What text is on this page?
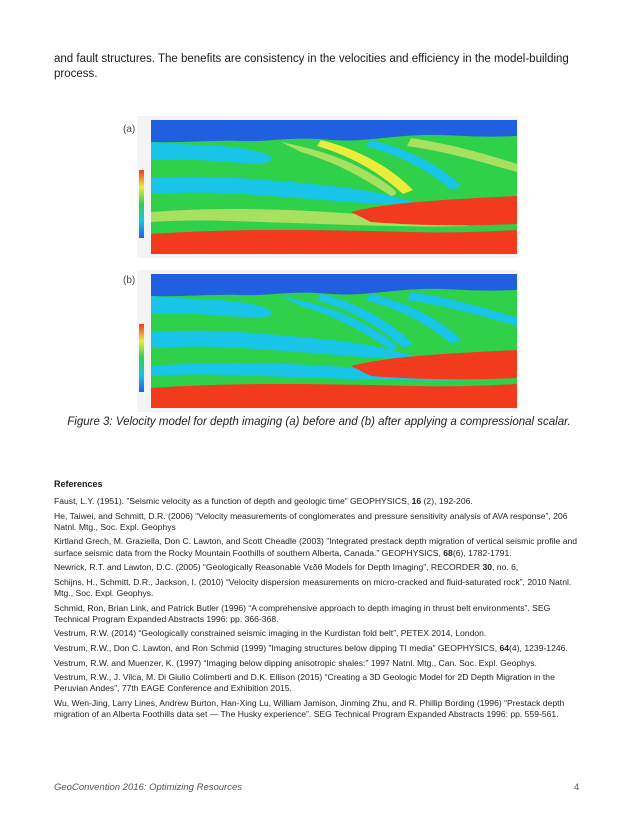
and fault structures. The benefits are consistency in the velocities and efficiency in the model-building process.
(a)
(b)
Figure 3: Velocity model for depth imaging (a) before and (b) after applying a compressional scalar.
References
Faust, L.Y. (1951). ”Seismic velocity as a function of depth and geologic time” GEOPHYSICS, 16 (2), 192-206.
He, Taiwei, and Schmitt, D.R. (2006) “Velocity measurements of conglomerates and pressure sensitivity analysis of AVA response”, 206 Natnl. Mtg., Soc. Expl. Geophys
Kirtland Grech, M. Graziella, Don C. Lawton, and Scott Cheadle (2003) ”Integrated prestack depth migration of vertical seismic profile and surface seismic data from the Rocky Mountain Foothills of southern Alberta, Canada.” GEOPHYSICS, 68(6), 1782-1791.
Newrick, R.T. and Lawton, D.C. (2005) “Geologically Reasonable Vεδθ Models for Depth Imaging”, RECORDER 30, no. 6,
Schijns, H., Schmitt, D.R., Jackson, I. (2010) “Velocity dispersion measurements on micro-cracked and fluid-saturated rock”, 2010 Natnl. Mtg., Soc. Expl. Geophys.
Schmid, Ron, Brian Link, and Patrick Butler (1996) “A comprehensive approach to depth imaging in thrust belt environments”. SEG Technical Program Expanded Abstracts 1996: pp. 366-368.
Vestrum, R.W. (2014) “Geologically constrained seismic imaging in the Kurdistan fold belt”, PETEX 2014, London.
Vestrum, R.W., Don C. Lawton, and Ron Schmid (1999) ”Imaging structures below dipping TI media” GEOPHYSICS, 64(4), 1239-1246.
Vestrum, R.W. and Muenzer, K. (1997) “Imaging below dipping anisotropic shales:” 1997 Natnl. Mtg., Can. Soc. Expl. Geophys.
Vestrum, R.W., J. Vilca, M. Di Giulio Colimberti and D.K. Ellison (2015) “Creating a 3D Geologic Model for 2D Depth Migration in the Peruvian Andes”, 77th EAGE Conference and Exhibition 2015.
Wu, Wen-Jing, Larry Lines, Andrew Burton, Han-Xing Lu, William Jamison, Jinming Zhu, and R. Phillip Bording (1996) “Prestack depth migration of an Alberta Foothills data set — The Husky experience”. SEG Technical Program Expanded Abstracts 1996: pp. 559-561.
GeoConvention 2016: Optimizing Resources	4
